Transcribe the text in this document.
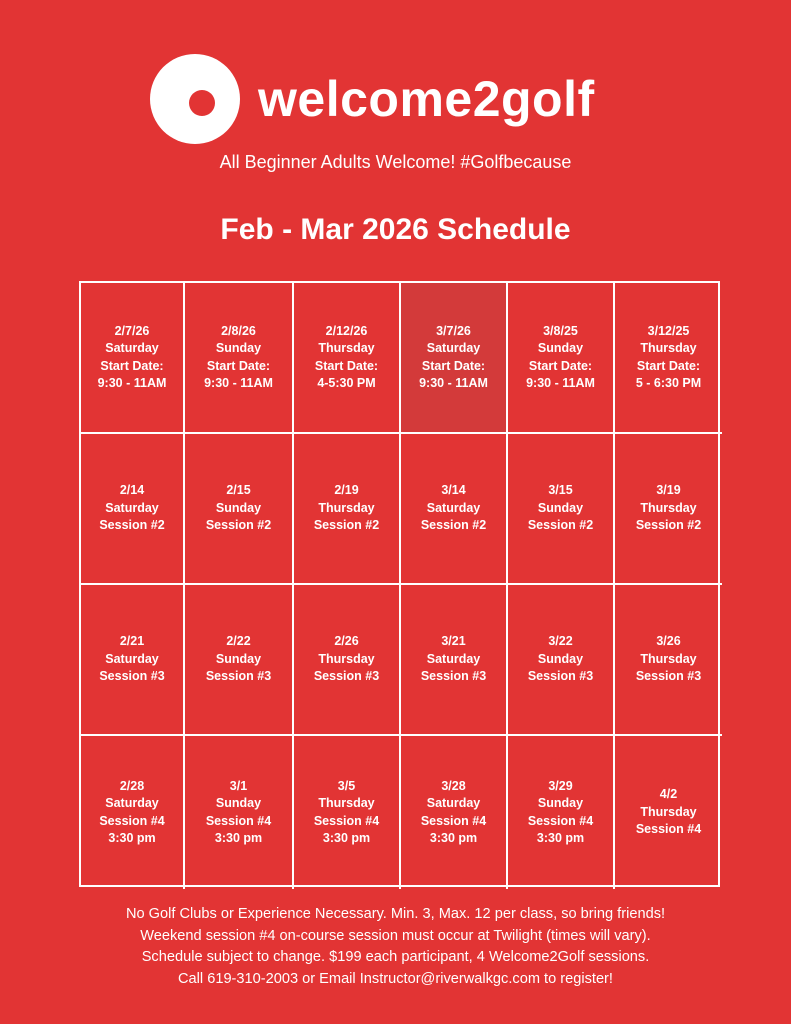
welcome2golf
All Beginner Adults Welcome! #Golfbecause
Feb - Mar 2026 Schedule
2/7/26
Saturday
Start Date:
9:30 - 11AM
2/8/26
Sunday
Start Date:
9:30 - 11AM
2/12/26
Thursday
Start Date:
4-5:30 PM
3/7/26
Saturday
Start Date:
9:30 - 11AM
3/8/25
Sunday
Start Date:
9:30 - 11AM
3/12/25
Thursday
Start Date:
5 - 6:30 PM
2/14
Saturday
Session #2
2/15
Sunday
Session #2
2/19
Thursday
Session #2
3/14
Saturday
Session #2
3/15
Sunday
Session #2
3/19
Thursday
Session #2
2/21
Saturday
Session #3
2/22
Sunday
Session #3
2/26
Thursday
Session #3
3/21
Saturday
Session #3
3/22
Sunday
Session #3
3/26
Thursday
Session #3
2/28
Saturday
Session #4
3:30 pm
3/1
Sunday
Session #4
3:30 pm
3/5
Thursday
Session #4
3:30 pm
3/28
Saturday
Session #4
3:30 pm
3/29
Sunday
Session #4
3:30 pm
4/2
Thursday
Session #4
No Golf Clubs or Experience Necessary. Min. 3, Max. 12 per class, so bring friends!
Weekend session #4 on-course session must occur at Twilight (times will vary).
Schedule subject to change. $199 each participant, 4 Welcome2Golf sessions.
Call 619-310-2003 or Email Instructor@riverwalkgc.com to register!
